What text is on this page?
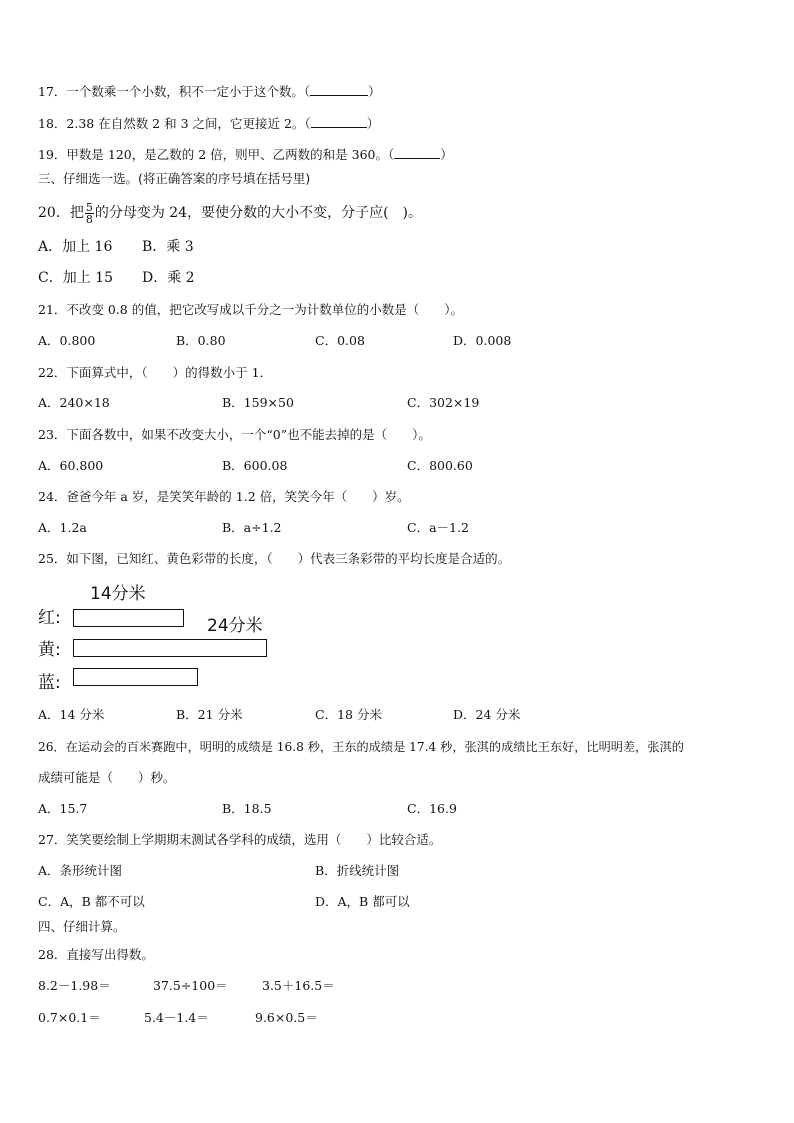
17．一个数乘一个小数，积不一定小于这个数。（	）
18．2.38 在自然数 2 和 3 之间，它更接近 2。（	）
19．甲数是 120，是乙数的 2 倍，则甲、乙两数的和是 360。（	）
三、仔细选一选。(将正确答案的序号填在括号里)
20．把 $\frac{5}{8}$ 的分母变为 24，要使分数的大小不变，分子应(　)。
A．加上 16 B．乘 3
C．加上 15 D．乘 2
21．不改变 0.8 的值，把它改写成以千分之一为计数单位的小数是（　　）。
A．0.800	B．0.80	C．0.08	D．0.008
22．下面算式中，（　　）的得数小于 1．
A．240×18	B．159×50	C．302×19
23．下面各数中，如果不改变大小，一个“0”也不能去掉的是（　　）。
A．60.800	B．600.08	C．800.60
24．爸爸今年 a 岁，是笑笑年龄的 1.2 倍，笑笑今年（　　）岁。
A．1.2a	B．a÷1.2	C．a－1.2
25．如下图，已知红、黄色彩带的长度，（　　）代表三条彩带的平均长度是合适的。
14分米
24分米
红:
黄:
蓝:
A．14 分米	B．21 分米	C．18 分米	D．24 分米
26．在运动会的百米赛跑中，明明的成绩是 16.8 秒，王东的成绩是 17.4 秒，张淇的成绩比王东好，比明明差，张淇的
成绩可能是（　　）秒。
A．15.7	B．18.5	C．16.9
27．笑笑要绘制上学期期末测试各学科的成绩，选用（　　）比较合适。
A．条形统计图	B．折线统计图
C．A，B 都不可以	D．A，B 都可以
四、仔细计算。
28．直接写出得数。
8.2－1.98＝	37.5÷100＝	3.5＋16.5＝
0.7×0.1＝	5.4－1.4＝	9.6×0.5＝
